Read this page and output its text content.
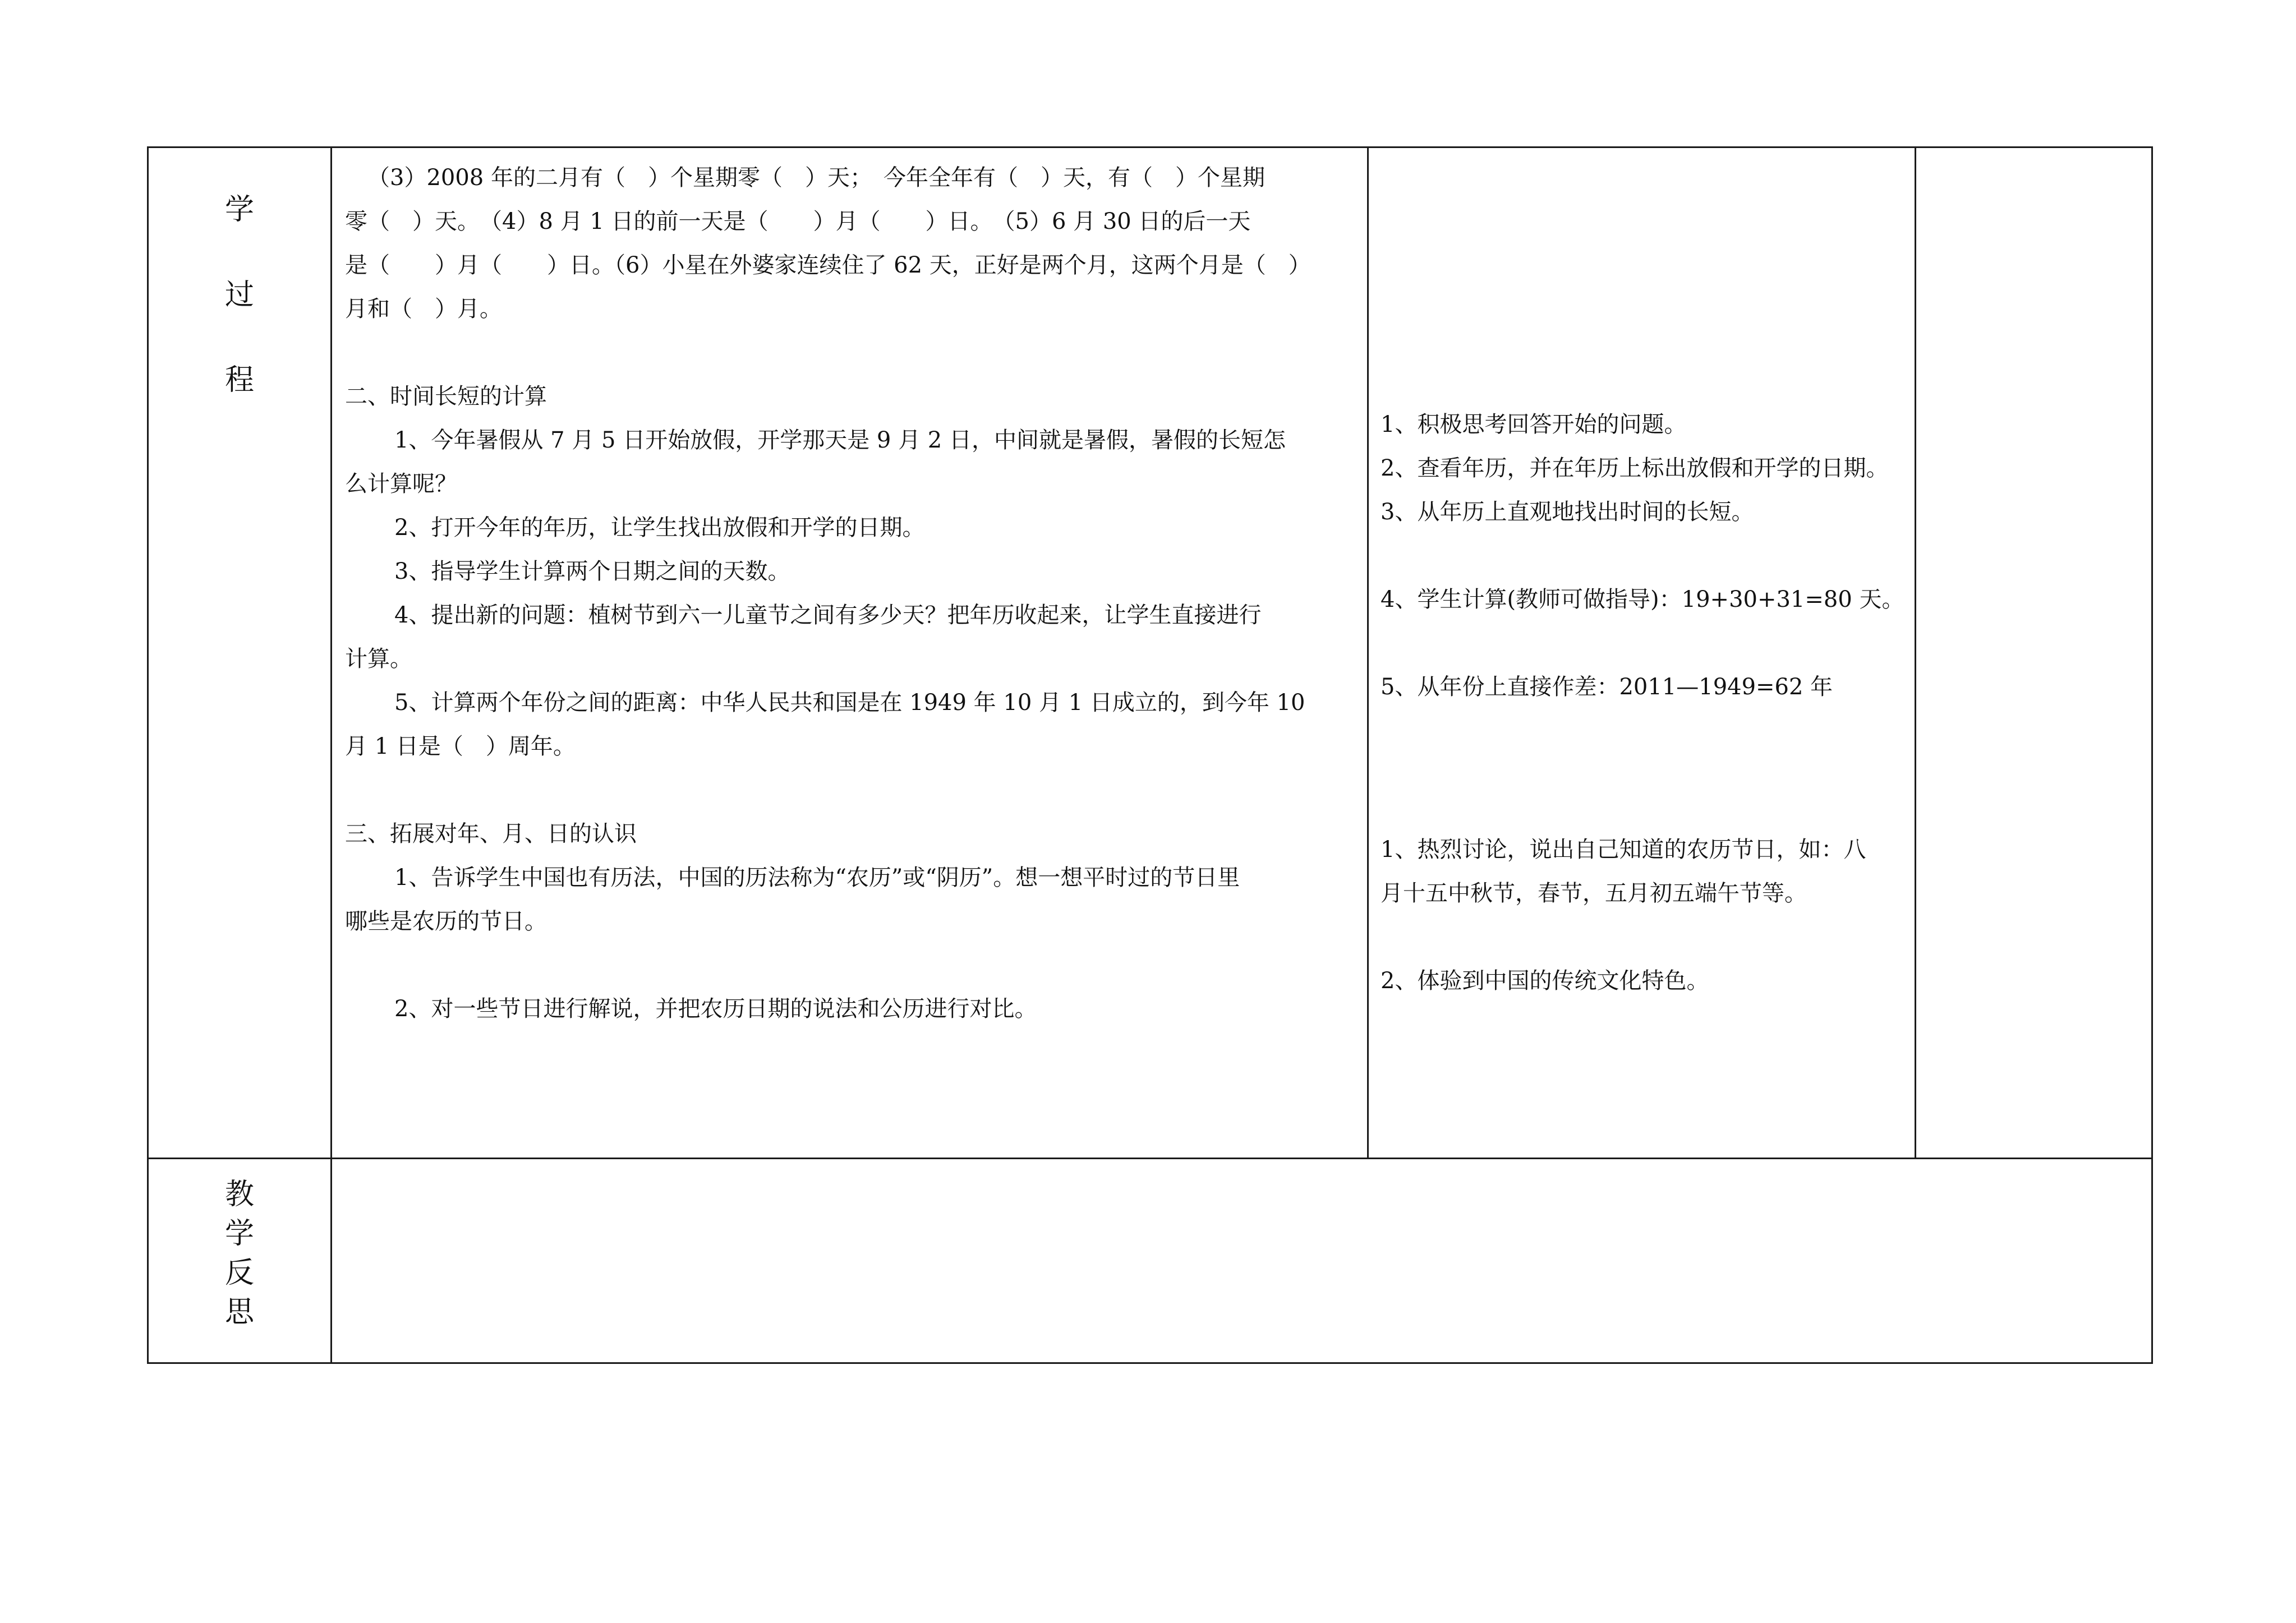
学
过
程
教
学
反
思
（3）2008 年的二月有（　）个星期零（　）天；　今年全年有（　）天，有（　）个星期
零（　）天。　（4）8 月 1 日的前一天是（　　）月（　　）日。　（5）6 月 30 日的后一天
是（　　）月（　　）日。（6）小星在外婆家连续住了 62 天，正好是两个月，这两个月是（　）
月和（　）月。
二、时间长短的计算
1、今年暑假从 7 月 5 日开始放假，开学那天是 9 月 2 日，中间就是暑假，暑假的长短怎
么计算呢？
2、打开今年的年历，让学生找出放假和开学的日期。
3、指导学生计算两个日期之间的天数。
4、提出新的问题：植树节到六一儿童节之间有多少天？把年历收起来，让学生直接进行
计算。
5、计算两个年份之间的距离：中华人民共和国是在 1949 年 10 月 1 日成立的，到今年 10
月 1 日是（　）周年。
三、拓展对年、月、日的认识
1、告诉学生中国也有历法，中国的历法称为“农历”或“阴历”。想一想平时过的节日里
哪些是农历的节日。
2、对一些节日进行解说，并把农历日期的说法和公历进行对比。
1、积极思考回答开始的问题。
2、查看年历，并在年历上标出放假和开学的日期。
3、从年历上直观地找出时间的长短。
4、学生计算(教师可做指导)：19+30+31=80 天。
5、从年份上直接作差：2011—1949=62 年
1、热烈讨论，说出自己知道的农历节日，如：八
月十五中秋节，春节，五月初五端午节等。
2、体验到中国的传统文化特色。
